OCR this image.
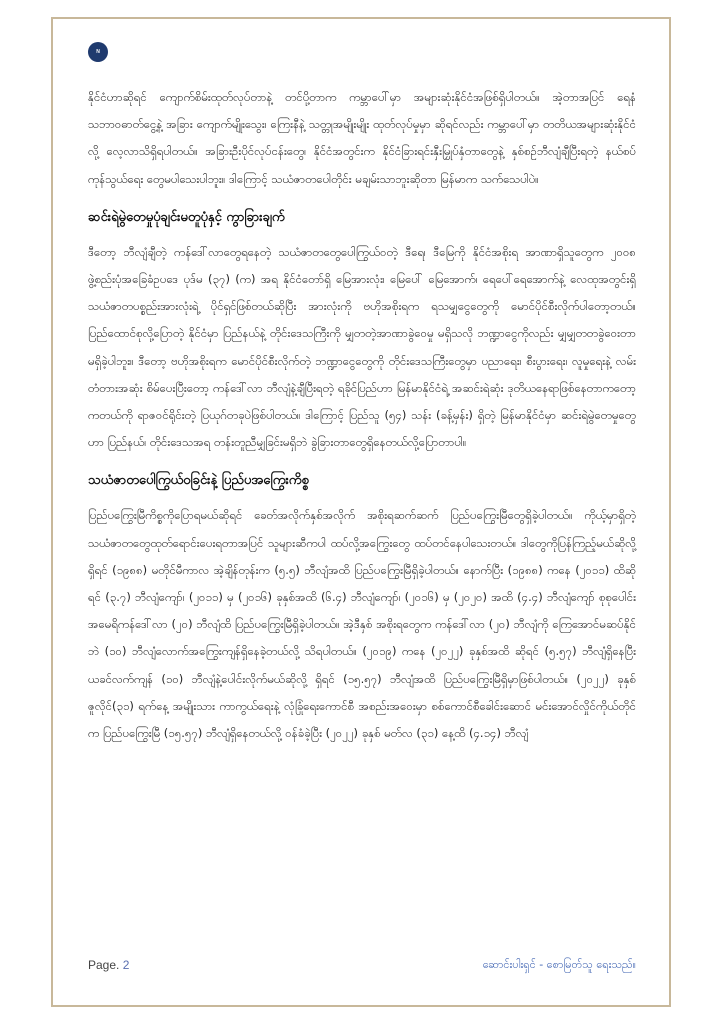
N

နိုင်ငံဟာဆိုရင် ကျောက်စိမ်းထုတ်လုပ်တာနဲ့ တင်ပို့တာက ကမ္ဘာပေါ်မှာ အများဆုံးနိုင်ငံအဖြစ်ရှိပါတယ်။ အဲ့တာအပြင် ရေနံ သဘာဝဓာတ်ငွေ့နဲ့ အခြား ကျောက်မျိုးသွေး၊ ကြေးနီနဲ့ သတ္တုအမျိုးမျိုး ထုတ်လုပ်မှုမှာ ဆိုရင်လည်း ကမ္ဘာပေါ်မှာ တတိယအများဆုံးနိုင်ငံလို့ လေ့လာသိရှိရပါတယ်။ အခြားဦးပိုင်လုပ်ငန်းတွေ၊ နိုင်ငံအတွင်းက နိုင်ငံခြားရင်းနှီးမြှုပ်နှံတာတွေနဲ့ နှစ်စဉ်ဘီလျံချီပြီးရတဲ့ နယ်စပ်ကုန်သွယ်ရေး တွေမပါသေးပါဘူး။ ဒါကြောင့် သယံဇာတပေါတိုင်း မချမ်းသာဘူးဆိုတာ မြန်မာက သက်သေပါပဲ။

ဆင်းရဲမွဲတေမှုပုံချင်းမတူပုံနှင့် ကွာခြားချက်

ဒီတော့ ဘီလျံချီတဲ့ ကန်ဒေါ်လာတွေရနေတဲ့ သယံဇာတတွေပေါကြွယ်ဝတဲ့ ဒီရေ၊ ဒီမြေကို နိုင်ငံအစိုးရ အာဏာရှိသူတွေက ၂၀၀၈ ဖွဲ့စည်းပုံအခြေခံဥပဒေ ပုဒ်မ (၃၇) (က) အရ နိုင်ငံတော်ရှိ မြေအားလုံး၊ မြေပေါ် မြေအောက်၊ ရေပေါ်ရေအောက်နဲ့ လေထုအတွင်းရှိ သယံဇာတပစ္စည်းအားလုံးရဲ့ ပိုင်ရှင်ဖြစ်တယ်ဆိုပြီး အားလုံးကို ဗဟိုအစိုးရက ရသမျှငွေတွေကို မောင်ပိုင်စီးလိုက်ပါတော့တယ်။ ပြည်ထောင်စုလို့ပြောတဲ့ နိုင်ငံမှာ ပြည်နယ်နဲ့ တိုင်းဒေသကြီးကို မျှတတဲ့အာဏာခွဲဝေမှု မရှိသလို ဘဏ္ဍာငွေကိုလည်း မျှမျှတတခွဲဝေးတာ မရှိခဲ့ပါဘူး။ ဒီတော့ ဗဟိုအစိုးရက မောင်ပိုင်စီးလိုက်တဲ့ ဘဏ္ဍာငွေတွေကို တိုင်းဒေသကြီးတွေမှာ ပညာရေး၊ စီးပွားရေး၊ လူမှုရေးနဲ့ လမ်းတံတားအဆုံး စိမ်ပေးပြီးတော့ ကန်ဒေါ်လာ ဘီလျံနဲ့ချီပြီးရတဲ့ ရခိုင်ပြည်ဟာ မြန်မာနိုင်ငံရဲ့ အဆင်းရဲဆုံး ဒုတိယနေရာဖြစ်နေတာကတော့ ကတယ်ကို ရာဇဝင်ရိုင်းတဲ့ ပြယုဂ်တခုပဲဖြစ်ပါတယ်။ ဒါကြောင့် ပြည်သူ (၅၄) သန်း (ခန့်မှန်း) ရှိတဲ့ မြန်မာနိုင်ငံမှာ ဆင်းရဲမွဲတေမှုတွေဟာ ပြည်နယ်၊ တိုင်းဒေသအရ တန်းတူညီမျှခြင်းမရှိဘဲ ခွဲခြားတာတွေရှိနေတယ်လို့ပြောတာပါ။

သယံဇာတပေါကြွယ်ဝခြင်းနဲ့ ပြည်ပအကြွေးကိစ္စ

ပြည်ပကြွေးမြီကိစ္စကိုပြောရမယ်ဆိုရင် ခေတ်အလိုက်နှစ်အလိုက် အစိုးရဆက်ဆက် ပြည်ပကြွေးမြီတွေရှိခဲ့ပါတယ်။ ကိုယ့်မှာရှိတဲ့ သယံဇာတတွေထုတ်ရောင်းပေးရတာအပြင် သူများဆီကပါ ထပ်လို့အကြွေးတွေ ထပ်တင်နေပါသေးတယ်။ ဒါတွေကိုပြန်ကြည့်မယ်ဆိုလို့ရှိရင် (၁၉၈၈) မတိုင်မီကာလ အဲ့ချိန်တုန်းက (၅.၅) ဘီလျံအထိ ပြည်ပကြွေးမြီရှိခဲ့ပါတယ်။ နောက်ပြီး (၁၉၈၈) ကနေ (၂၀၁၁) ထိဆိုရင် (၃.၇) ဘီလျံကျော်၊ (၂၀၁၁) မှ (၂၀၁၆) ခုနှစ်အထိ (၆.၄) ဘီလျံကျော်၊ (၂၀၁၆) မှ (၂၀၂၀) အထိ (၄.၄) ဘီလျံကျော် စုစုပေါင်း အမေရိကန်ဒေါ်လာ (၂၀) ဘီလျံထိ ပြည်ပကြွေးမြီရှိခဲ့ပါတယ်။ အဲ့ဒီနှစ် အစိုးရတွေက ကန်ဒေါ်လာ (၂၀) ဘီလျံကို ကြေအောင်မဆပ်နိုင်ဘဲ (၁၀) ဘီလျံလောက်အကြွေးကျန်ရှိနေခဲ့တယ်လို့ သိရပါတယ်။ (၂၀၁၉) ကနေ (၂၀၂၂) ခုနှစ်အထိ ဆိုရင် (၅.၅၇) ဘီလျံရှိနေပြီး ယခင်လက်ကျန် (၁၀) ဘီလျံနဲ့ပေါင်းလိုက်မယ်ဆိုလို့ ရှိရင် (၁၅.၅၇) ဘီလျံအထိ ပြည်ပကြွေးမြီရှိမှာဖြစ်ပါတယ်။ (၂၀၂၂) ခုနှစ် ဇူလိုင်(၃၁) ရက်နေ့ အမျိုးသား ကာကွယ်ရေးနဲ့ လုံခြုံရေးကောင်စီ အစည်းအဝေးမှာ စစ်ကောင်စီခေါင်းဆောင် မင်းအောင်လှိုင်ကိုယ်တိုင်က ပြည်ပကြွေးမြီ (၁၅.၅၇) ဘီလျံရှိနေတယ်လို့ ဝန်ခံခဲ့ပြီး (၂၀၂၂) ခုနှစ် မတ်လ (၃၁) နေ့ထိ (၄.၁၄) ဘီလျံ

Page. 2	ဆောင်းပါးရှင် - စောမြတ်သူ ရေးသည်။
